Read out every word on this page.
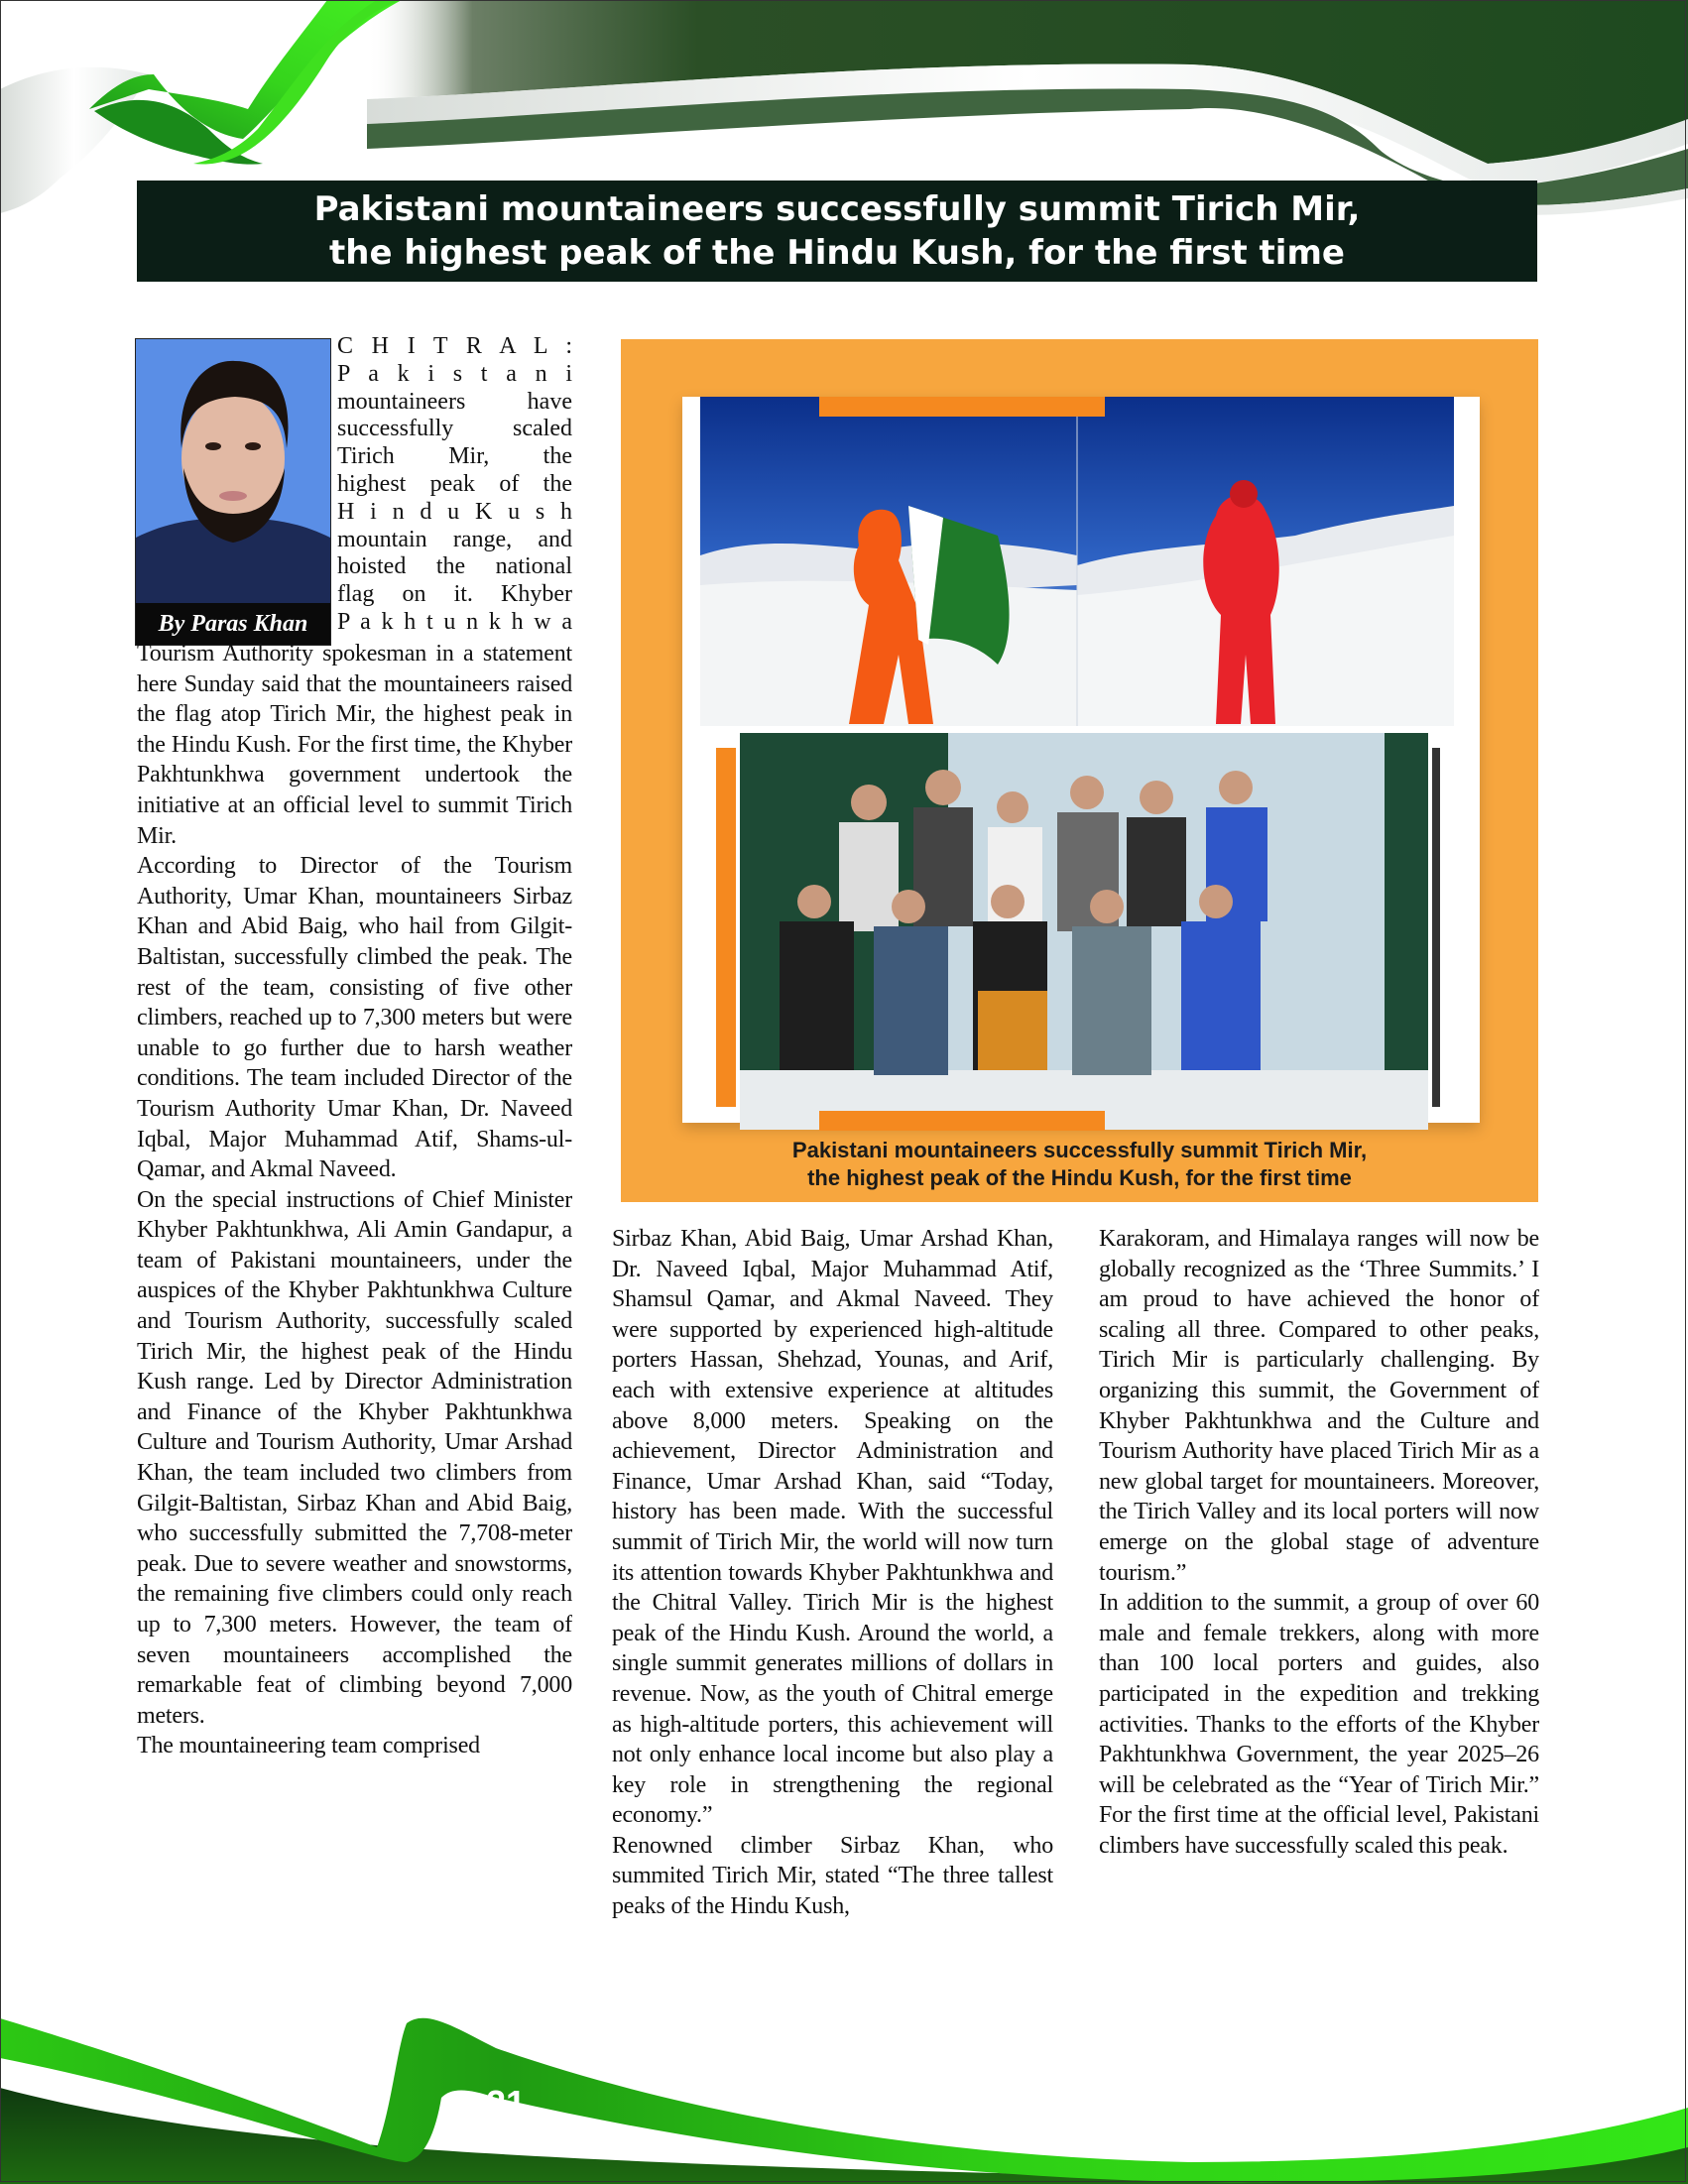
Pakistani mountaineers successfully summit Tirich Mir,
the highest peak of the Hindu Kush, for the first time
By Paras Khan
C H I T R A L :
P a k i s t a n i
mountaineers have
successfully scaled
Tirich Mir, the
highest peak of the
H i n d u K u s h
mountain range, and
hoisted the national
flag on it. Khyber
P a k h t u n k h w a

Tourism Authority spokesman in a statement here Sunday said that the mountaineers raised the flag atop Tirich Mir, the highest peak in the Hindu Kush. For the first time, the Khyber Pakhtunkhwa government undertook the initiative at an official level to summit Tirich Mir.

According to Director of the Tourism Authority, Umar Khan, mountaineers Sirbaz Khan and Abid Baig, who hail from Gilgit-Baltistan, successfully climbed the peak. The rest of the team, consisting of five other climbers, reached up to 7,300 meters but were unable to go further due to harsh weather conditions. The team included Director of the Tourism Authority Umar Khan, Dr. Naveed Iqbal, Major Muhammad Atif, Shams-ul-Qamar, and Akmal Naveed.

On the special instructions of Chief Minister Khyber Pakhtunkhwa, Ali Amin Gandapur, a team of Pakistani mountaineers, under the auspices of the Khyber Pakhtunkhwa Culture and Tourism Authority, successfully scaled Tirich Mir, the highest peak of the Hindu Kush range. Led by Director Administration and Finance of the Khyber Pakhtunkhwa Culture and Tourism Authority, Umar Arshad Khan, the team included two climbers from Gilgit-Baltistan, Sirbaz Khan and Abid Baig, who successfully submitted the 7,708-meter peak. Due to severe weather and snowstorms, the remaining five climbers could only reach up to 7,300 meters. However, the team of seven mountaineers accomplished the remarkable feat of climbing beyond 7,000 meters.

The mountaineering team comprised

Pakistani mountaineers successfully summit Tirich Mir,
the highest peak of the Hindu Kush, for the first time

Sirbaz Khan, Abid Baig, Umar Arshad Khan, Dr. Naveed Iqbal, Major Muhammad Atif, Shamsul Qamar, and Akmal Naveed. They were supported by experienced high-altitude porters Hassan, Shehzad, Younas, and Arif, each with extensive experience at altitudes above 8,000 meters. Speaking on the achievement, Director Administration and Finance, Umar Arshad Khan, said “Today, history has been made. With the successful summit of Tirich Mir, the world will now turn its attention towards Khyber Pakhtunkhwa and the Chitral Valley. Tirich Mir is the highest peak of the Hindu Kush. Around the world, a single summit generates millions of dollars in revenue. Now, as the youth of Chitral emerge as high-altitude porters, this achievement will not only enhance local income but also play a key role in strengthening the regional economy.”

Renowned climber Sirbaz Khan, who summited Tirich Mir, stated “The three tallest peaks of the Hindu Kush,

Karakoram, and Himalaya ranges will now be globally recognized as the ‘Three Summits.’ I am proud to have achieved the honor of scaling all three. Compared to other peaks, Tirich Mir is particularly challenging. By organizing this summit, the Government of Khyber Pakhtunkhwa and the Culture and Tourism Authority have placed Tirich Mir as a new global target for mountaineers. Moreover, the Tirich Valley and its local porters will now emerge on the global stage of adventure tourism.”

In addition to the summit, a group of over 60 male and female trekkers, along with more than 100 local porters and guides, also participated in the expedition and trekking activities. Thanks to the efforts of the Khyber Pakhtunkhwa Government, the year 2025–26 will be celebrated as the “Year of Tirich Mir.” For the first time at the official level, Pakistani climbers have successfully scaled this peak.

21
